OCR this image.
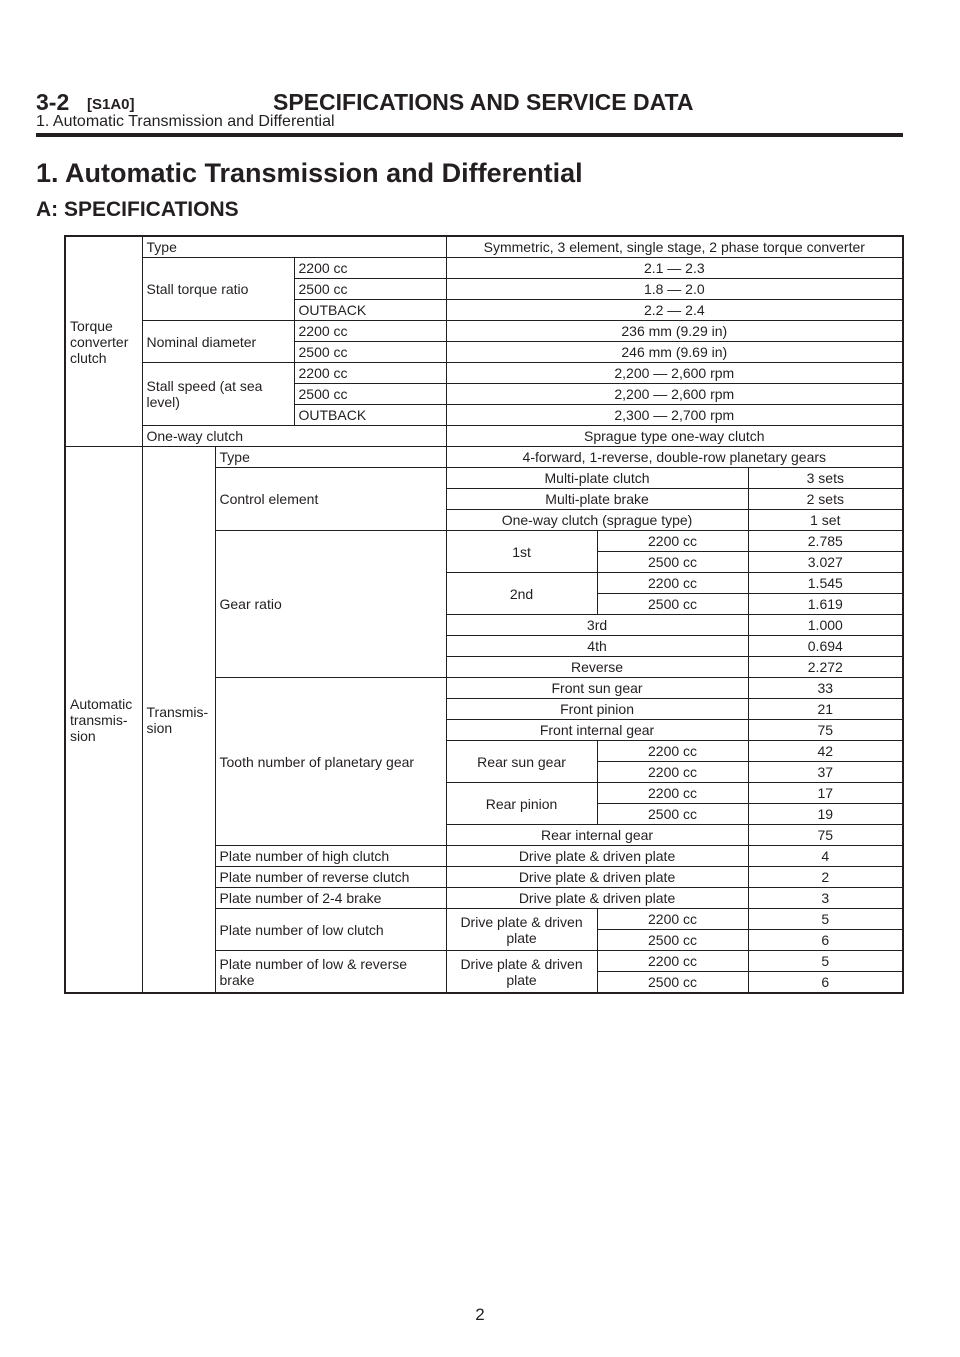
3-2 [S1A0]	SPECIFICATIONS AND SERVICE DATA
1. Automatic Transmission and Differential
1. Automatic Transmission and Differential
A: SPECIFICATIONS
Torque converter clutch	Type			Symmetric, 3 element, single stage, 2 phase torque converter		
	Stall torque ratio		2200 cc	2.1 — 2.3		
			2500 cc	1.8 — 2.0		
			OUTBACK	2.2 — 2.4		
	Nominal diameter		2200 cc	236 mm (9.29 in)		
			2500 cc	246 mm (9.69 in)		
	Stall speed (at sea level)		2200 cc	2,200 — 2,600 rpm		
			2500 cc	2,200 — 2,600 rpm		
			OUTBACK	2,300 — 2,700 rpm		
	One-way clutch			Sprague type one-way clutch		
Automatic transmis- sion	Transmis- sion	Type		4-forward, 1-reverse, double-row planetary gears		
		Control element		Multi-plate clutch		3 sets
				Multi-plate brake		2 sets
				One-way clutch (sprague type)		1 set
		Gear ratio		1st	2200 cc	2.785
					2500 cc	3.027
				2nd	2200 cc	1.545
					2500 cc	1.619
				3rd		1.000
				4th		0.694
				Reverse		2.272
		Tooth number of planetary gear		Front sun gear		33
				Front pinion		21
				Front internal gear		75
				Rear sun gear	2200 cc	42
					2200 cc	37
				Rear pinion	2200 cc	17
					2500 cc	19
				Rear internal gear		75
		Plate number of high clutch		Drive plate & driven plate		4
		Plate number of reverse clutch		Drive plate & driven plate		2
		Plate number of 2-4 brake		Drive plate & driven plate		3
		Plate number of low clutch		Drive plate & driven plate	2200 cc	5
					2500 cc	6
		Plate number of low & reverse brake		Drive plate & driven plate	2200 cc	5
					2500 cc	6
2
